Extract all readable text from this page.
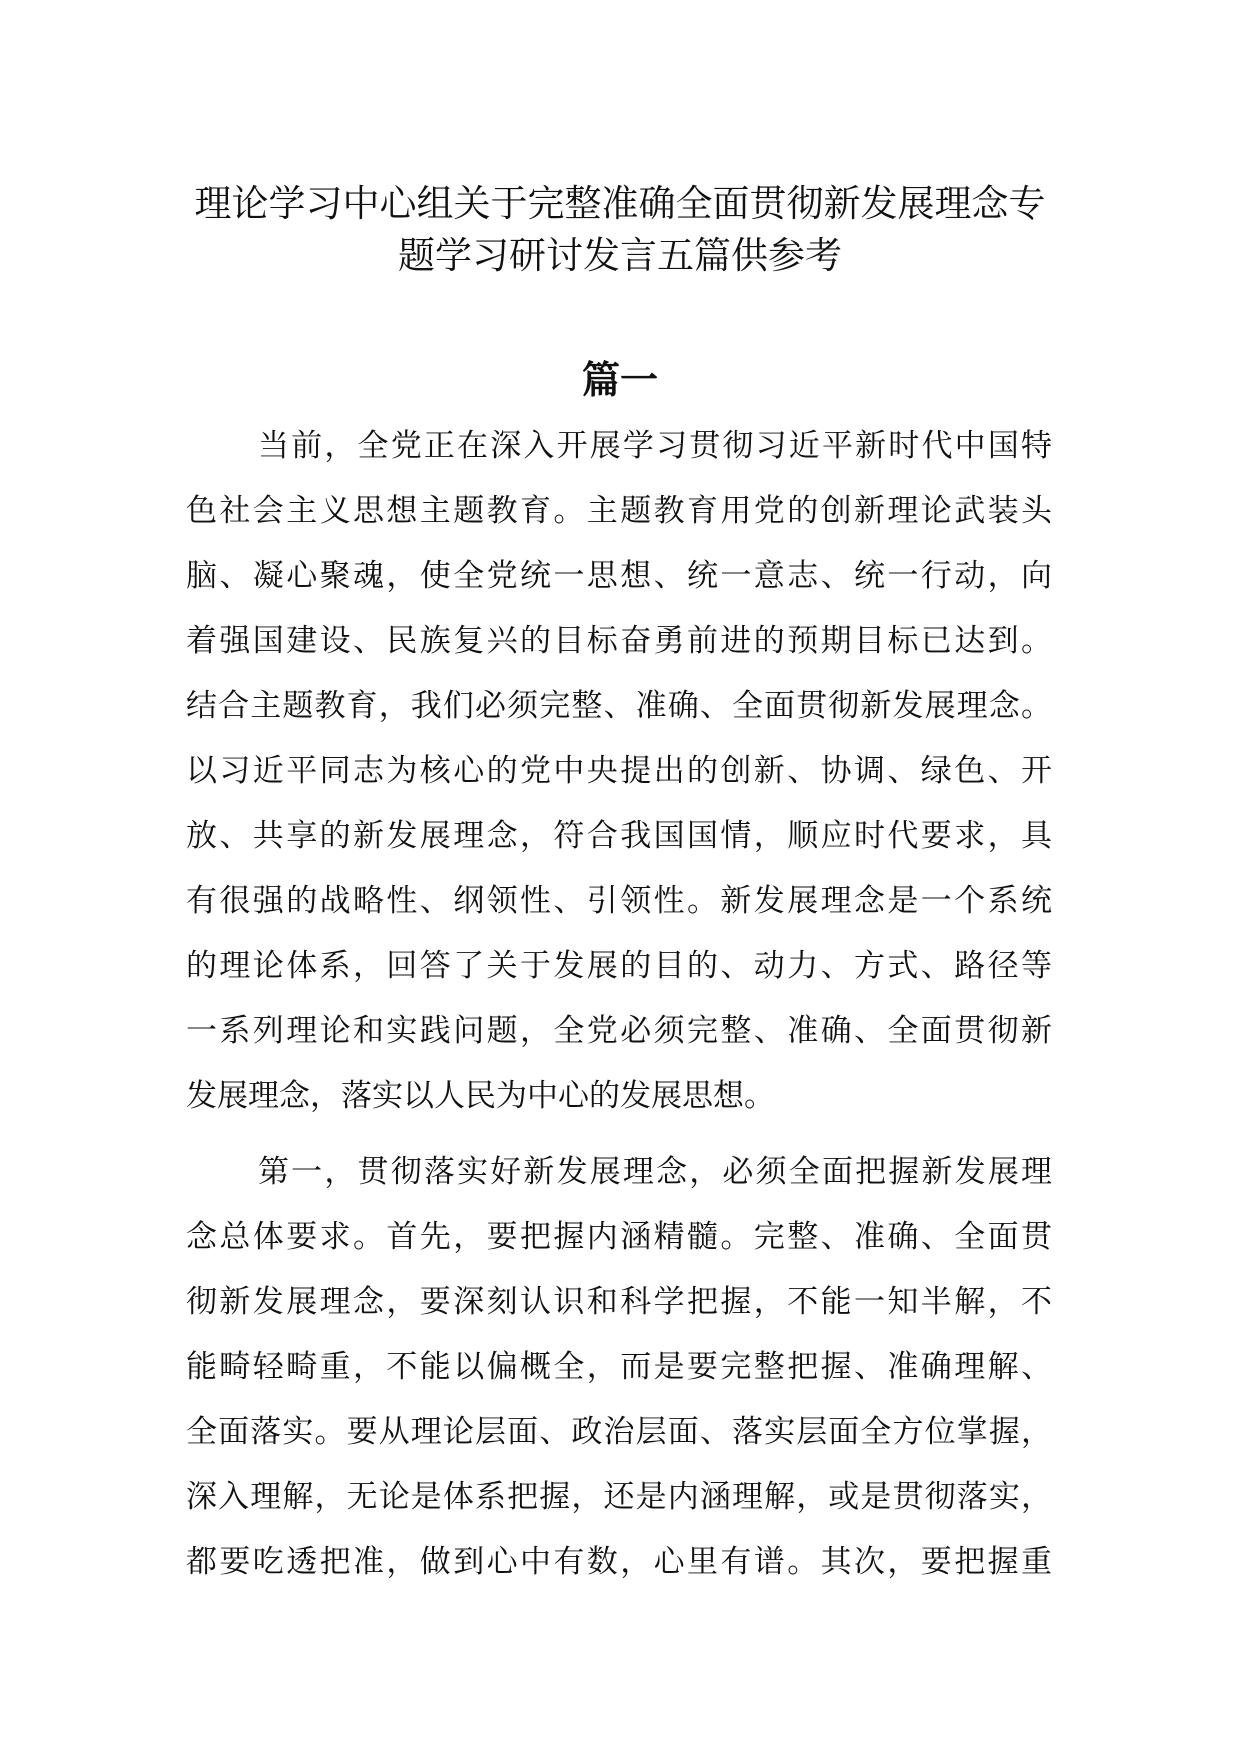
理论学习中心组关于完整准确全面贯彻新发展理念专
题学习研讨发言五篇供参考
篇一
当前，全党正在深入开展学习贯彻习近平新时代中国特
色社会主义思想主题教育。主题教育用党的创新理论武装头
脑、凝心聚魂，使全党统一思想、统一意志、统一行动，向
着强国建设、民族复兴的目标奋勇前进的预期目标已达到。
结合主题教育，我们必须完整、准确、全面贯彻新发展理念。
以习近平同志为核心的党中央提出的创新、协调、绿色、开
放、共享的新发展理念，符合我国国情，顺应时代要求，具
有很强的战略性、纲领性、引领性。新发展理念是一个系统
的理论体系，回答了关于发展的目的、动力、方式、路径等
一系列理论和实践问题，全党必须完整、准确、全面贯彻新
发展理念，落实以人民为中心的发展思想。
第一，贯彻落实好新发展理念，必须全面把握新发展理
念总体要求。首先，要把握内涵精髓。完整、准确、全面贯
彻新发展理念，要深刻认识和科学把握，不能一知半解，不
能畸轻畸重，不能以偏概全，而是要完整把握、准确理解、
全面落实。要从理论层面、政治层面、落实层面全方位掌握，
深入理解，无论是体系把握，还是内涵理解，或是贯彻落实，
都要吃透把准，做到心中有数，心里有谱。其次，要把握重
